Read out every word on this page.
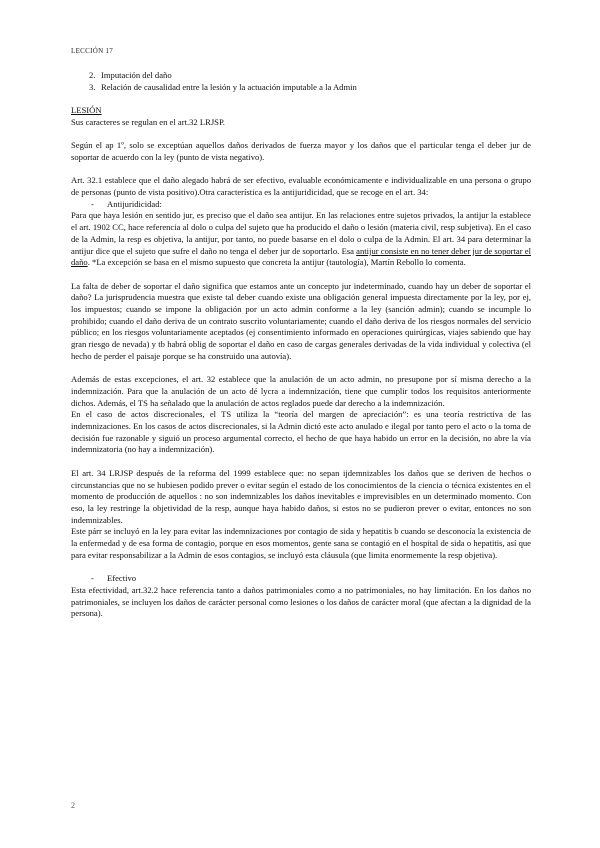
LECCIÓN 17
2. Imputación del daño
3. Relación de causalidad entre la lesión y la actuación imputable a la Admin

LESIÓN

Sus caracteres se regulan en el art.32 LRJSP.

Según el ap 1º, solo se exceptúan aquellos daños derivados de fuerza mayor y los daños que el particular tenga el deber jur de soportar de acuerdo con la ley (punto de vista negativo).

Art. 32.1 establece que el daño alegado habrá de ser efectivo, evaluable económicamente e individualizable en una persona o grupo de personas (punto de vista positivo).Otra característica es la antijuridicidad, que se recoge en el art. 34:

- Antijuridicidad:

Para que haya lesión en sentido jur, es preciso que el daño sea antijur. En las relaciones entre sujetos privados, la antijur la establece el art. 1902 CC, hace referencia al dolo o culpa del sujeto que ha producido el daño o lesión (materia civil, resp subjetiva). En el caso de la Admin, la resp es objetiva, la antijur, por tanto, no puede basarse en el dolo o culpa de la Admin. El art. 34 para determinar la antijur dice que el sujeto que sufre el daño no tenga el deber jur de soportarlo. Esa antijur consiste en no tener deber jur de soportar el daño. *La excepción se basa en el mismo supuesto que concreta la antijur (tautología), Martín Rebollo lo comenta.

La falta de deber de soportar el daño significa que estamos ante un concepto jur indeterminado, cuando hay un deber de soportar el daño? La jurisprudencia muestra que existe tal deber cuando existe una obligación general impuesta directamente por la ley, por ej, los impuestos; cuando se impone la obligación por un acto admin conforme a la ley (sanción admin); cuando se incumple lo prohibido; cuando el daño deriva de un contrato suscrito voluntariamente; cuando el daño deriva de los riesgos normales del servicio público; en los riesgos voluntariamente aceptados (ej consentimiento informado en operaciones quirúrgicas, viajes sabiendo que hay gran riesgo de nevada) y tb habrá oblig de soportar el daño en caso de cargas generales derivadas de la vida individual y colectiva (el hecho de perder el paisaje porque se ha construido una autovía).

Además de estas excepciones, el art. 32 establece que la anulación de un acto admin, no presupone por sí misma derecho a la indemnización. Para que la anulación de un acto dé lycra a indemnización, tiene que cumplir todos los requisitos anteriormente dichos. Además, el TS ha señalado que la anulación de actos reglados puede dar derecho a la indemnización.

En el caso de actos discrecionales, el TS utiliza la “teoría del margen de apreciación”: es una teoría restrictiva de las indemnizaciones. En los casos de actos discrecionales, si la Admin dictó este acto anulado e ilegal por tanto pero el acto o la toma de decisión fue razonable y siguió un proceso argumental correcto, el hecho de que haya habido un error en la decisión, no abre la vía indemnizatoria (no hay a indemnización).

El art. 34 LRJSP después de la reforma del 1999 establece que: no sepan ijdemnizables los daños que se deriven de hechos o circunstancias que no se hubiesen podido prever o evitar según el estado de los conocimientos de la ciencia o técnica existentes en el momento de producción de aquellos : no son indemnizables los daños inevitables e imprevisibles en un determinado momento. Con eso, la ley restringe la objetividad de la resp, aunque haya habido daños, si estos no se pudieron prever o evitar, entonces no son indemnizables.

Este párr se incluyó en la ley para evitar las indemnizaciones por contagio de sida y hepatitis b cuando se desconocía la existencia de la enfermedad y de esa forma de contagio, porque en esos momentos, gente sana se contagió en el hospital de sida o hepatitis, así que para evitar responsabilizar a la Admin de esos contagios, se incluyó esta cláusula (que limita enormemente la resp objetiva).

- Efectivo

Esta efectividad, art.32.2 hace referencia tanto a daños patrimoniales como a no patrimoniales, no hay limitación. En los daños no patrimoniales, se incluyen los daños de carácter personal como lesiones o los daños de carácter moral (que afectan a la dignidad de la persona).

2
